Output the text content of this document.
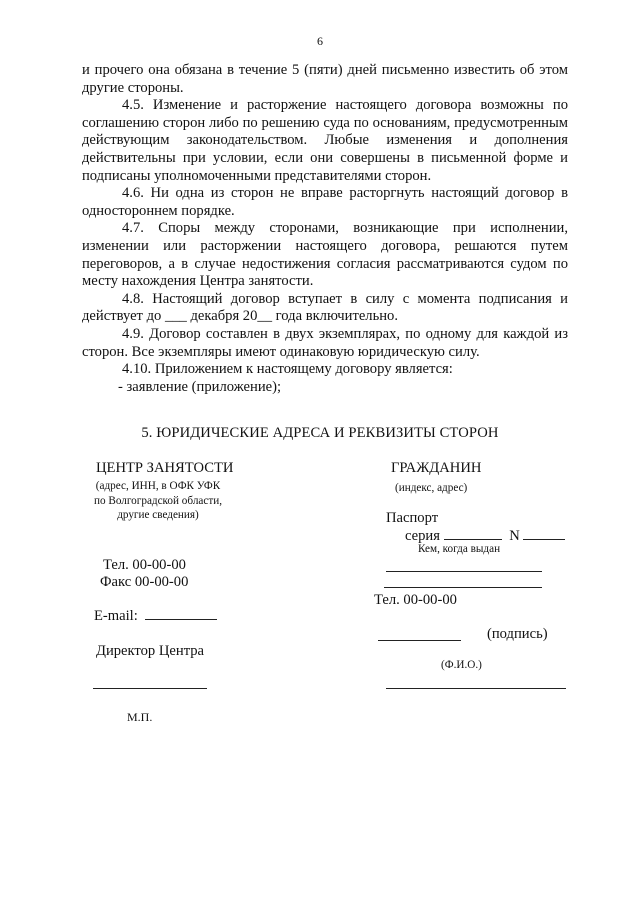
6

и прочего она обязана в течение 5 (пяти) дней письменно известить об этом другие стороны.

4.5. Изменение и расторжение настоящего договора возможны по соглашению сторон либо по решению суда по основаниям, предусмотренным действующим законодательством. Любые изменения и дополнения действительны при условии, если они совершены в письменной форме и подписаны уполномоченными представителями сторон.

4.6. Ни одна из сторон не вправе расторгнуть настоящий договор в одностороннем порядке.

4.7. Споры между сторонами, возникающие при исполнении, изменении или расторжении настоящего договора, решаются путем переговоров, а в случае недостижения согласия рассматриваются судом по месту нахождения Центра занятости.

4.8. Настоящий договор вступает в силу с момента подписания и действует до ___ декабря 20__ года включительно.

4.9. Договор составлен в двух экземплярах, по одному для каждой из сторон. Все экземпляры имеют одинаковую юридическую силу.

4.10. Приложением к настоящему договору является:

- заявление (приложение);

5. ЮРИДИЧЕСКИЕ АДРЕСА И РЕКВИЗИТЫ СТОРОН
ЦЕНТР ЗАНЯТОСТИ
(адрес, ИНН, в ОФК УФК
по Волгоградской области,
другие сведения)
Тел. 00-00-00
Факс 00-00-00
E-mail:
Директор Центра
М.П.
ГРАЖДАНИН
(индекс, адрес)
Паспорт
серия	N
Кем, когда выдан
Тел. 00-00-00
(подпись)
(Ф.И.О.)
